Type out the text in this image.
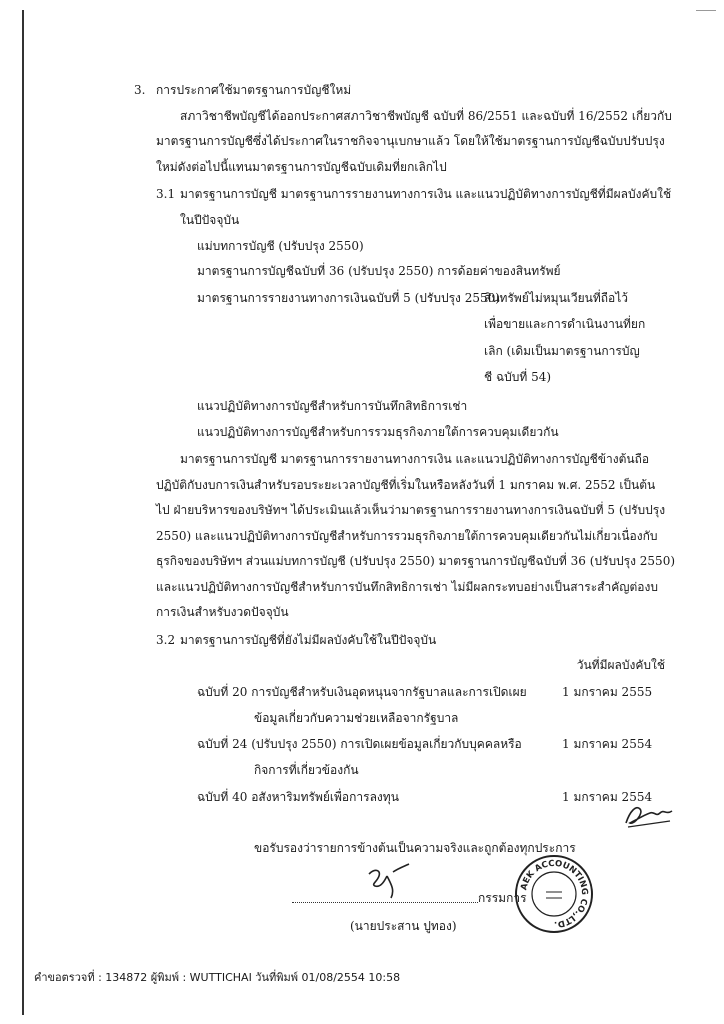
3. การประกาศใช้มาตรฐานการบัญชีใหม่
สภาวิชาชีพบัญชีได้ออกประกาศสภาวิชาชีพบัญชี ฉบับที่ 86/2551 และฉบับที่ 16/2552 เกี่ยวกับ
มาตรฐานการบัญชีซึ่งได้ประกาศในราชกิจจานุเบกษาแล้ว โดยให้ใช้มาตรฐานการบัญชีฉบับปรับปรุง
ใหม่ดังต่อไปนี้แทนมาตรฐานการบัญชีฉบับเดิมที่ยกเลิกไป
3.1 มาตรฐานการบัญชี มาตรฐานการรายงานทางการเงิน และแนวปฏิบัติทางการบัญชีที่มีผลบังคับใช้
ในปีปัจจุบัน
แม่บทการบัญชี (ปรับปรุง 2550)
มาตรฐานการบัญชีฉบับที่ 36 (ปรับปรุง 2550) การด้อยค่าของสินทรัพย์
มาตรฐานการรายงานทางการเงินฉบับที่ 5 (ปรับปรุง 2550)
สินทรัพย์ไม่หมุนเวียนที่ถือไว้
เพื่อขายและการดำเนินงานที่ยก
เลิก (เดิมเป็นมาตรฐานการบัญ
ชี ฉบับที่ 54)
แนวปฏิบัติทางการบัญชีสำหรับการบันทึกสิทธิการเช่า
แนวปฏิบัติทางการบัญชีสำหรับการรวมธุรกิจภายใต้การควบคุมเดียวกัน
มาตรฐานการบัญชี มาตรฐานการรายงานทางการเงิน และแนวปฏิบัติทางการบัญชีข้างต้นถือ
ปฏิบัติกับงบการเงินสำหรับรอบระยะเวลาบัญชีที่เริ่มในหรือหลังวันที่ 1 มกราคม พ.ศ. 2552 เป็นต้น
ไป ฝ่ายบริหารของบริษัทฯ ได้ประเมินแล้วเห็นว่ามาตรฐานการรายงานทางการเงินฉบับที่ 5 (ปรับปรุง
2550) และแนวปฏิบัติทางการบัญชีสำหรับการรวมธุรกิจภายใต้การควบคุมเดียวกันไม่เกี่ยวเนื่องกับ
ธุรกิจของบริษัทฯ ส่วนแม่บทการบัญชี (ปรับปรุง 2550) มาตรฐานการบัญชีฉบับที่ 36 (ปรับปรุง 2550)
และแนวปฏิบัติทางการบัญชีสำหรับการบันทึกสิทธิการเช่า ไม่มีผลกระทบอย่างเป็นสาระสำคัญต่องบ
การเงินสำหรับงวดปัจจุบัน
3.2 มาตรฐานการบัญชีที่ยังไม่มีผลบังคับใช้ในปีปัจจุบัน
วันที่มีผลบังคับใช้
ฉบับที่ 20 การบัญชีสำหรับเงินอุดหนุนจากรัฐบาลและการเปิดเผย
ข้อมูลเกี่ยวกับความช่วยเหลือจากรัฐบาล
1 มกราคม 2555
ฉบับที่ 24 (ปรับปรุง 2550) การเปิดเผยข้อมูลเกี่ยวกับบุคคลหรือ
กิจการที่เกี่ยวข้องกัน
1 มกราคม 2554
ฉบับที่ 40 อสังหาริมทรัพย์เพื่อการลงทุน	1 มกราคม 2554
ขอรับรองว่ารายการข้างต้นเป็นความจริงและถูกต้องทุกประการ
กรรมการ
(นายประสาน ปูทอง)
AEK ACCOUNTING CO.,LTD.
คำขอตรวจที่ : 134872 ผู้พิมพ์ : WUTTICHAI วันที่พิมพ์ 01/08/2554 10:58
